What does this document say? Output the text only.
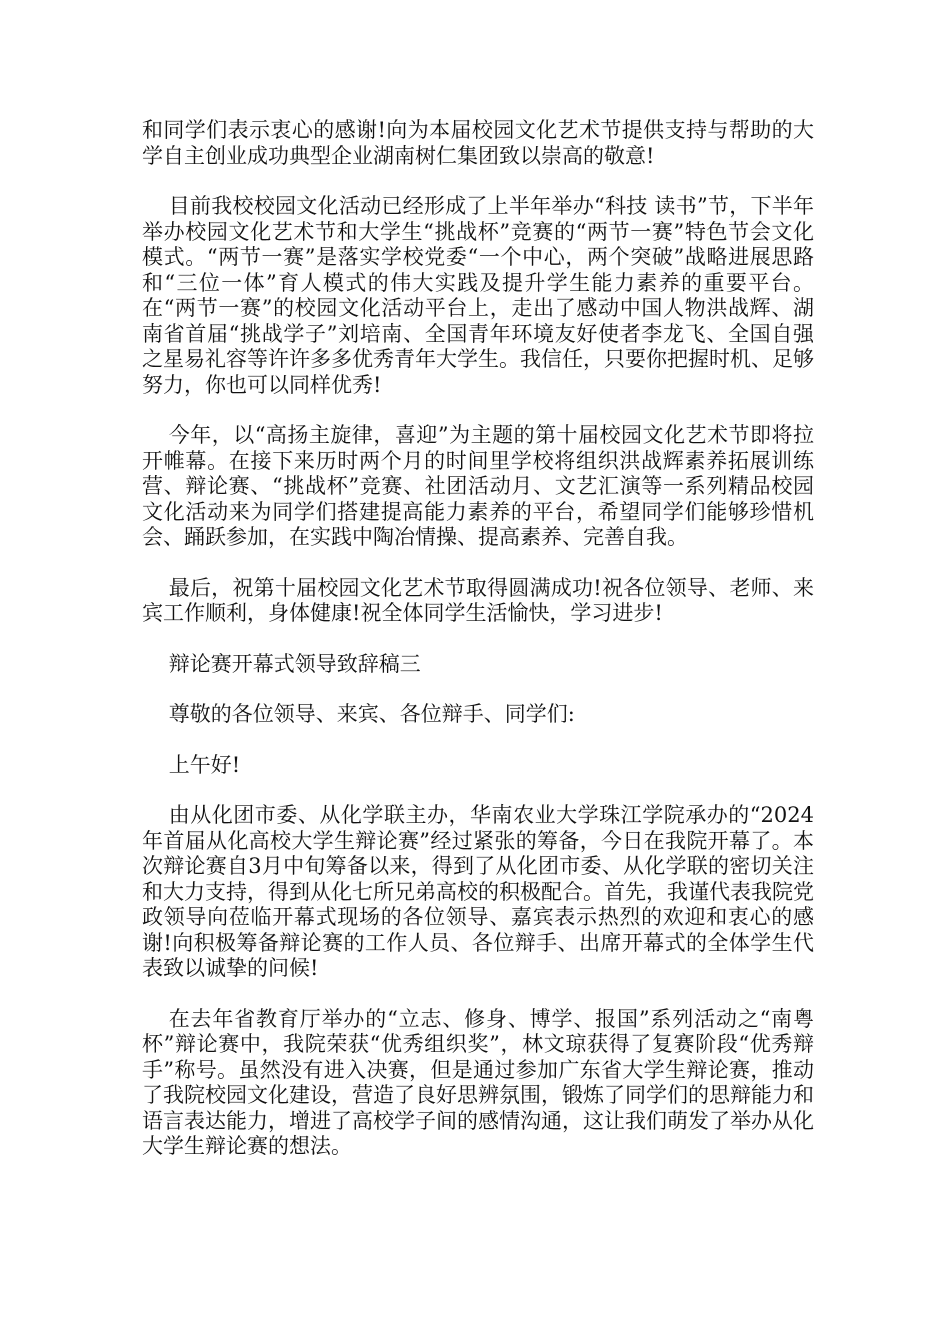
和同学们表示衷心的感谢!向为本届校园文化艺术节提供支持与帮助的大学自主创业成功典型企业湖南树仁集团致以崇高的敬意!

目前我校校园文化活动已经形成了上半年举办“科技 读书”节，下半年举办校园文化艺术节和大学生“挑战杯”竞赛的“两节一赛”特色节会文化模式。“两节一赛”是落实学校党委“一个中心，两个突破”战略进展思路和“三位一体”育人模式的伟大实践及提升学生能力素养的重要平台。在“两节一赛”的校园文化活动平台上，走出了感动中国人物洪战辉、湖南省首届“挑战学子”刘培南、全国青年环境友好使者李龙飞、全国自强之星易礼容等许许多多优秀青年大学生。我信任，只要你把握时机、足够努力，你也可以同样优秀!

今年，以“高扬主旋律，喜迎”为主题的第十届校园文化艺术节即将拉开帷幕。在接下来历时两个月的时间里学校将组织洪战辉素养拓展训练营、辩论赛、“挑战杯”竞赛、社团活动月、文艺汇演等一系列精品校园文化活动来为同学们搭建提高能力素养的平台，希望同学们能够珍惜机会、踊跃参加，在实践中陶冶情操、提高素养、完善自我。

最后，祝第十届校园文化艺术节取得圆满成功!祝各位领导、老师、来宾工作顺利，身体健康!祝全体同学生活愉快，学习进步!

辩论赛开幕式领导致辞稿三

尊敬的各位领导、来宾、各位辩手、同学们:

上午好!

由从化团市委、从化学联主办，华南农业大学珠江学院承办的“2024年首届从化高校大学生辩论赛”经过紧张的筹备，今日在我院开幕了。本次辩论赛自3月中旬筹备以来，得到了从化团市委、从化学联的密切关注和大力支持，得到从化七所兄弟高校的积极配合。首先，我谨代表我院党政领导向莅临开幕式现场的各位领导、嘉宾表示热烈的欢迎和衷心的感谢!向积极筹备辩论赛的工作人员、各位辩手、出席开幕式的全体学生代表致以诚挚的问候!

在去年省教育厅举办的“立志、修身、博学、报国”系列活动之“南粤杯”辩论赛中，我院荣获“优秀组织奖”，林文琼获得了复赛阶段“优秀辩手”称号。虽然没有进入决赛，但是通过参加广东省大学生辩论赛，推动了我院校园文化建设，营造了良好思辨氛围，锻炼了同学们的思辩能力和语言表达能力，增进了高校学子间的感情沟通，这让我们萌发了举办从化大学生辩论赛的想法。
